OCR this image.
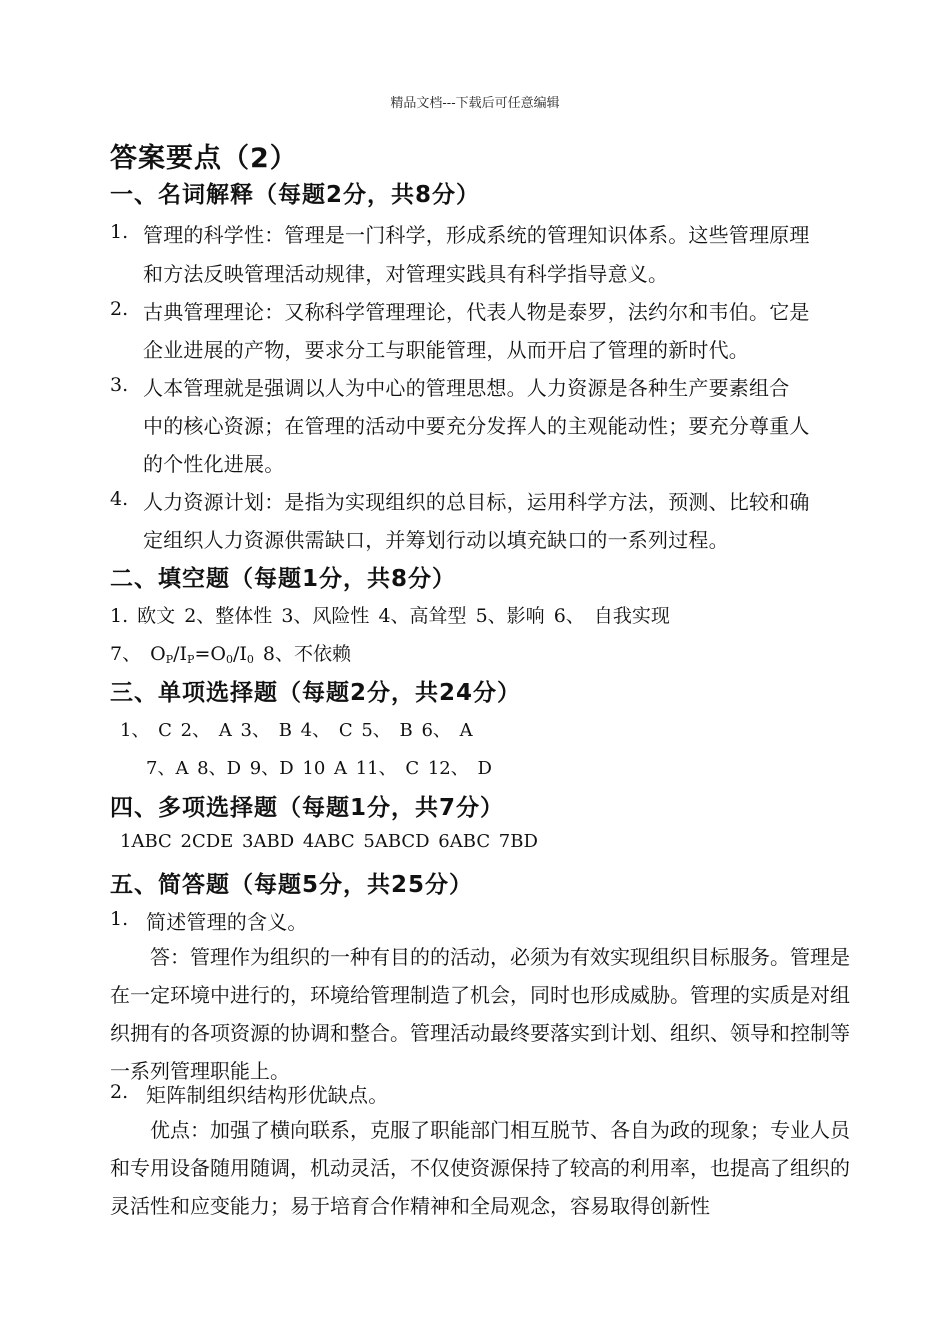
精品文档---下载后可任意编辑
答案要点（2）
一、名词解释（每题2分，共8分）
1. 管理的科学性：管理是一门科学，形成系统的管理知识体系。这些管理原理
和方法反映管理活动规律，对管理实践具有科学指导意义。
2. 古典管理理论：又称科学管理理论，代表人物是泰罗，法约尔和韦伯。它是
企业进展的产物，要求分工与职能管理，从而开启了管理的新时代。
3. 人本管理就是强调以人为中心的管理思想。人力资源是各种生产要素组合
中的核心资源；在管理的活动中要充分发挥人的主观能动性；要充分尊重人
的个性化进展。
4. 人力资源计划：是指为实现组织的总目标，运用科学方法，预测、比较和确
定组织人力资源供需缺口，并筹划行动以填充缺口的一系列过程。
二、填空题（每题1分，共8分）
1. 欧文 2、整体性 3、风险性 4、高耸型 5、影响 6、 自我实现
7、 $O_P/I_P=O_0/I_0$ 8、不依赖
三、单项选择题（每题2分，共24分）
1、 C 2、 A 3、 B 4、 C 5、 B 6、 A
7、A 8、D 9、D 10 A 11、 C 12、 D
四、多项选择题（每题1分，共7分）
1ABC 2CDE 3ABD 4ABC 5ABCD 6ABC 7BD
五、简答题（每题5分，共25分）
1. 简述管理的含义。
答：管理作为组织的一种有目的的活动，必须为有效实现组织目标服务。管理是在一定环境中进行的，环境给管理制造了机会，同时也形成威胁。管理的实质是对组织拥有的各项资源的协调和整合。管理活动最终要落实到计划、组织、领导和控制等一系列管理职能上。
2. 矩阵制组织结构形优缺点。
优点：加强了横向联系，克服了职能部门相互脱节、各自为政的现象；专业人员和专用设备随用随调，机动灵活，不仅使资源保持了较高的利用率，也提高了组织的灵活性和应变能力；易于培育合作精神和全局观念，容易取得创新性
